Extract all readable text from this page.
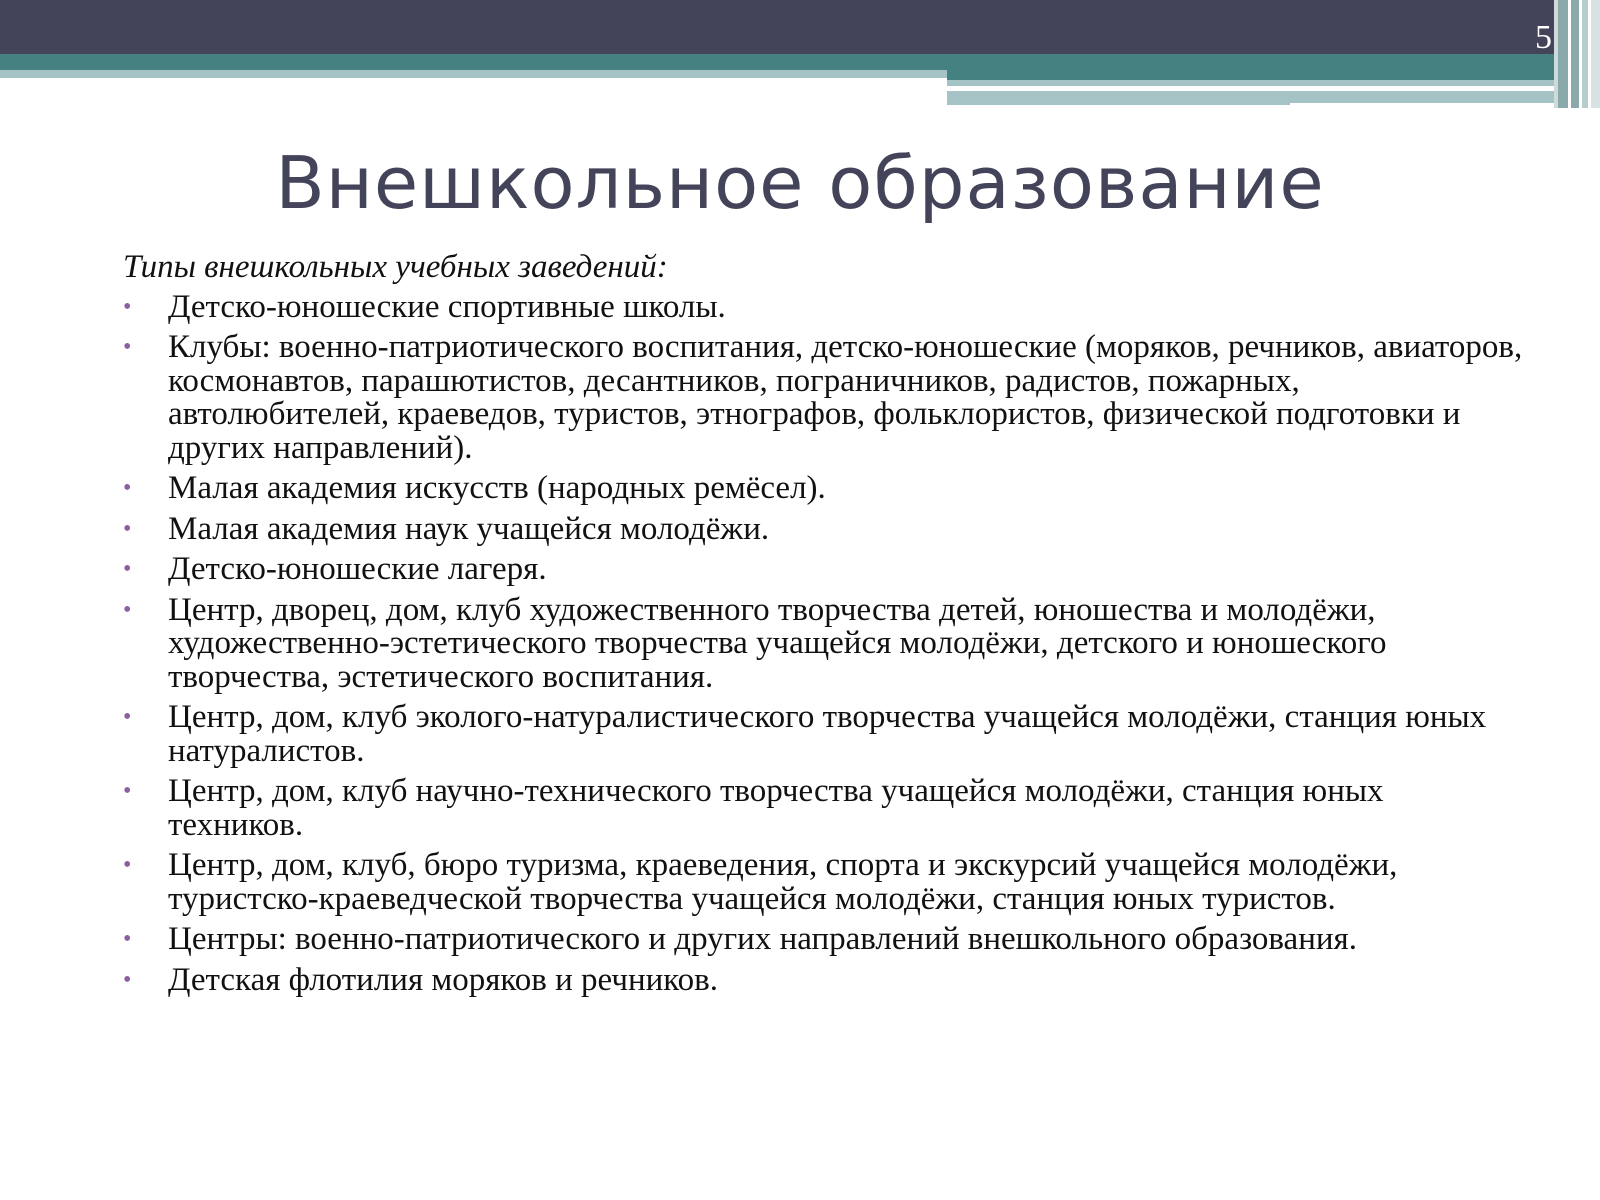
5
Внешкольное образование

Типы внешкольных учебных заведений:

• Детско-юношеские спортивные школы.
• Клубы: военно-патриотического воспитания, детско-юношеские (моряков, речников, авиаторов, космонавтов, парашютистов, десантников, пограничников, радистов, пожарных, автолюбителей, краеведов, туристов, этнографов, фольклористов, физической подготовки и других направлений).
• Малая академия искусств (народных ремёсел).
• Малая академия наук учащейся молодёжи.
• Детско-юношеские лагеря.
• Центр, дворец, дом, клуб художественного творчества детей, юношества и молодёжи, художественно-эстетического творчества учащейся молодёжи, детского и юношеского творчества, эстетического воспитания.
• Центр, дом, клуб эколого-натуралистического творчества учащейся молодёжи, станция юных натуралистов.
• Центр, дом, клуб научно-технического творчества учащейся молодёжи, станция юных техников.
• Центр, дом, клуб, бюро туризма, краеведения, спорта и экскурсий учащейся молодёжи, туристско-краеведческой творчества учащейся молодёжи, станция юных туристов.
• Центры: военно-патриотического и других направлений внешкольного образования.
• Детская флотилия моряков и речников.
